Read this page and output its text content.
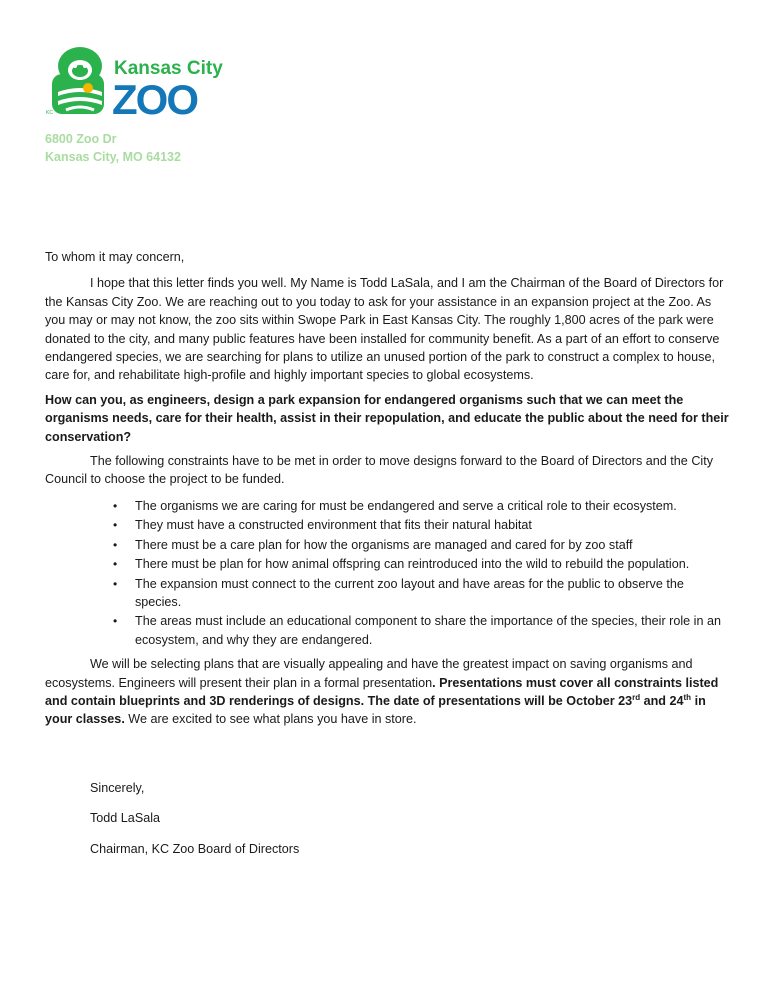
KC
Kansas City
ZOO
6800 Zoo Dr
Kansas City, MO 64132

To whom it may concern,

I hope that this letter finds you well. My Name is Todd LaSala, and I am the Chairman of the Board of Directors for the Kansas City Zoo. We are reaching out to you today to ask for your assistance in an expansion project at the Zoo. As you may or may not know, the zoo sits within Swope Park in East Kansas City. The roughly 1,800 acres of the park were donated to the city, and many public features have been installed for community benefit. As a part of an effort to conserve endangered species, we are searching for plans to utilize an unused portion of the park to construct a complex to house, care for, and rehabilitate high-profile and highly important species to global ecosystems.

How can you, as engineers, design a park expansion for endangered organisms such that we can meet the organisms needs, care for their health, assist in their repopulation, and educate the public about the need for their conservation?

The following constraints have to be met in order to move designs forward to the Board of Directors and the City Council to choose the project to be funded.

• The organisms we are caring for must be endangered and serve a critical role to their ecosystem.
• They must have a constructed environment that fits their natural habitat
• There must be a care plan for how the organisms are managed and cared for by zoo staff
• There must be plan for how animal offspring can reintroduced into the wild to rebuild the population.
• The expansion must connect to the current zoo layout and have areas for the public to observe the species.
• The areas must include an educational component to share the importance of the species, their role in an ecosystem, and why they are endangered.

We will be selecting plans that are visually appealing and have the greatest impact on saving organisms and ecosystems. Engineers will present their plan in a formal presentation. Presentations must cover all constraints listed and contain blueprints and 3D renderings of designs. The date of presentations will be October 23rd and 24th in your classes. We are excited to see what plans you have in store.

Sincerely,

Todd LaSala

Chairman, KC Zoo Board of Directors
